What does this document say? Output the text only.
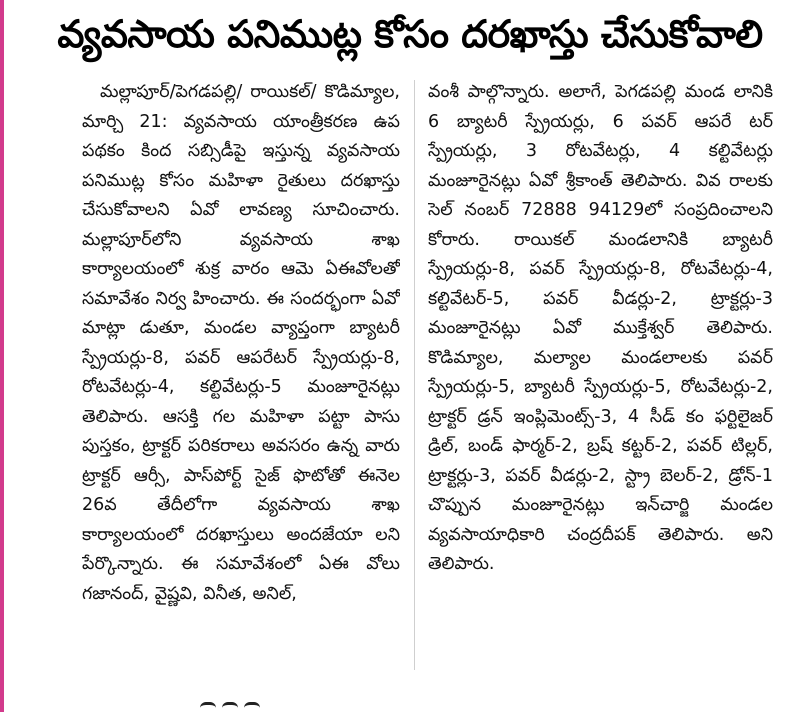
వ్యవసాయ పనిముట్ల కోసం దరఖాస్తు చేసుకోవాలి
మల్లాపూర్/పెగడపల్లి/ రాయికల్/ కొడిమ్యాల, మార్చి 21: వ్యవసాయ యాంత్రీకరణ ఉప పథకం కింద సబ్సిడీపై ఇస్తున్న వ్యవసాయ పనిముట్ల కోసం మహిళా రైతులు దరఖాస్తు చేసుకోవాలని ఏవో లావణ్య సూచించారు. మల్లాపూర్‌లోని వ్యవసాయ శాఖ కార్యాలయంలో శుక్ర వారం ఆమె ఏఈవోలతో సమావేశం నిర్వ హించారు. ఈ సందర్భంగా ఏవో మాట్లా డుతూ, మండల వ్యాప్తంగా బ్యాటరీ స్ప్రేయర్లు-8, పవర్ ఆపరేటర్ స్ప్రేయర్లు-8, రోటవేటర్లు-4, కల్టివేటర్లు-5 మంజూరైనట్లు తెలిపారు. ఆసక్తి గల మహిళా పట్టా పాసు పుస్తకం, ట్రాక్టర్ పరికరాలు అవసరం ఉన్న వారు ట్రాక్టర్ ఆర్సీ, పాస్‌పోర్ట్ సైజ్ ఫొటోతో ఈనెల 26వ తేదీలోగా వ్యవసాయ శాఖ కార్యాలయంలో దరఖాస్తులు అందజేయా లని పేర్కొన్నారు. ఈ సమావేశంలో ఏఈ వోలు గజానంద్, వైష్ణవి, వినీత, అనిల్,
వంశీ పాల్గొన్నారు. అలాగే, పెగడపల్లి మండ లానికి 6 బ్యాటరీ స్ప్రేయర్లు, 6 పవర్ ఆపరే టర్ స్ప్రేయర్లు, 3 రోటవేటర్లు, 4 కల్టివేటర్లు మంజూరైనట్లు ఏవో శ్రీకాంత్ తెలిపారు. వివ రాలకు సెల్ నంబర్ 72888 94129లో సంప్రదించాలని కోరారు. రాయికల్ మండలానికి బ్యాటరీ స్ప్రేయర్లు-8, పవర్ స్ప్రేయర్లు-8, రోటవేటర్లు-4, కల్టివేటర్-5, పవర్ వీడర్లు-2, ట్రాక్టర్లు-3 మంజూరైనట్లు ఏవో ముక్తేశ్వర్ తెలిపారు. కొడిమ్యాల, మల్యాల మండలాలకు పవర్ స్ప్రేయర్లు-5, బ్యాటరీ స్ప్రేయర్లు-5, రోటవేటర్లు-2, ట్రాక్టర్ డ్రన్ ఇంప్లిమెంట్స్-3, 4 సీడ్ కం ఫర్టిలైజర్ డ్రిల్, బండ్ ఫార్మర్-2, బ్రష్ కట్టర్-2, పవర్ టిల్లర్, ట్రాక్టర్లు-3, పవర్ వీడర్లు-2, స్ట్రా బెలర్-2, డ్రోన్-1 చొప్పున మంజూరైనట్లు ఇన్‌చార్జి మండల వ్యవసాయాధికారి చంద్రదీపక్ తెలిపారు. అని తెలిపారు.
